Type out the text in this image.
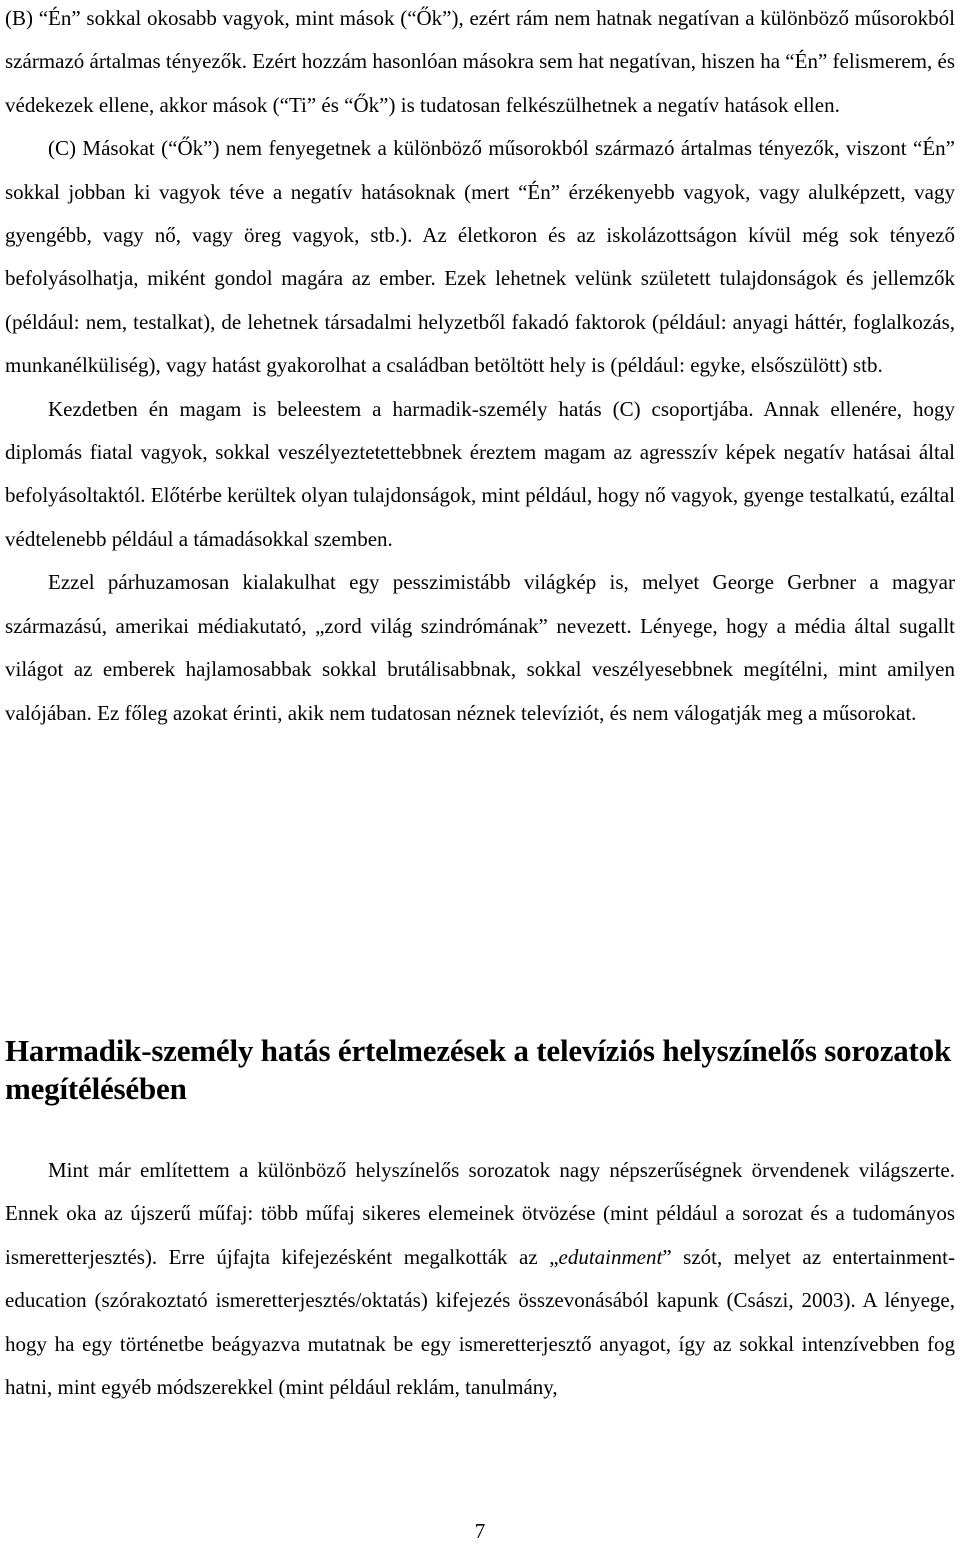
(B) “Én” sokkal okosabb vagyok, mint mások (“Ők”), ezért rám nem hatnak negatívan a különböző műsorokból származó ártalmas tényezők. Ezért hozzám hasonlóan másokra sem hat negatívan, hiszen ha “Én” felismerem, és védekezek ellene, akkor mások (“Ti” és “Ők”) is tudatosan felkészülhetnek a negatív hatások ellen.

(C) Másokat (“Ők”) nem fenyegetnek a különböző műsorokból származó ártalmas tényezők, viszont “Én” sokkal jobban ki vagyok téve a negatív hatásoknak (mert “Én” érzékenyebb vagyok, vagy alulképzett, vagy gyengébb, vagy nő, vagy öreg vagyok, stb.). Az életkoron és az iskolázottságon kívül még sok tényező befolyásolhatja, miként gondol magára az ember. Ezek lehetnek velünk született tulajdonságok és jellemzők (például: nem, testalkat), de lehetnek társadalmi helyzetből fakadó faktorok (például: anyagi háttér, foglalkozás, munkanélküliség), vagy hatást gyakorolhat a családban betöltött hely is (például: egyke, elsőszülött) stb.

Kezdetben én magam is beleestem a harmadik-személy hatás (C) csoportjába. Annak ellenére, hogy diplomás fiatal vagyok, sokkal veszélyeztetettebbnek éreztem magam az agresszív képek negatív hatásai által befolyásoltaktól. Előtérbe kerültek olyan tulajdonságok, mint például, hogy nő vagyok, gyenge testalkatú, ezáltal védtelenebb például a támadásokkal szemben.

Ezzel párhuzamosan kialakulhat egy pesszimistább világkép is, melyet George Gerbner a magyar származású, amerikai médiakutató, „zord világ szindrómának” nevezett. Lényege, hogy a média által sugallt világot az emberek hajlamosabbak sokkal brutálisabbnak, sokkal veszélyesebbnek megítélni, mint amilyen valójában. Ez főleg azokat érinti, akik nem tudatosan néznek televíziót, és nem válogatják meg a műsorokat.

Harmadik-személy hatás értelmezések a televíziós helyszínelős sorozatok megítélésében

Mint már említettem a különböző helyszínelős sorozatok nagy népszerűségnek örvendenek világszerte. Ennek oka az újszerű műfaj: több műfaj sikeres elemeinek ötvözése (mint például a sorozat és a tudományos ismeretterjesztés). Erre újfajta kifejezésként megalkották az „edutainment” szót, melyet az entertainment-education (szórakoztató ismeretterjesztés/oktatás) kifejezés összevonásából kapunk (Császi, 2003). A lényege, hogy ha egy történetbe beágyazva mutatnak be egy ismeretterjesztő anyagot, így az sokkal intenzívebben fog hatni, mint egyéb módszerekkel (mint például reklám, tanulmány,

7
